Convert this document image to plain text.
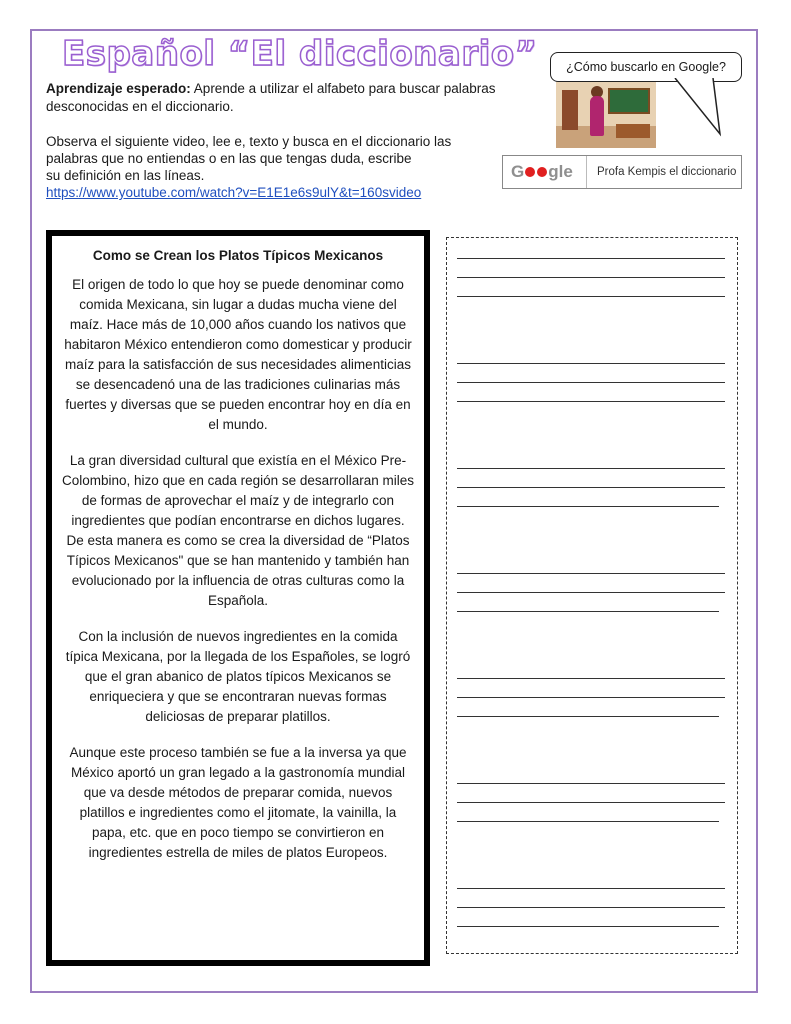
Español “El diccionario”
Aprendizaje esperado: Aprende a utilizar el alfabeto para buscar palabras desconocidas en el diccionario.
Observa el siguiente video, lee e, texto y busca en el diccionario las palabras que no entiendas o en las que tengas duda, escribe
su definición en las líneas.
https://www.youtube.com/watch?v=E1E1e6s9ulY&t=160svideo
¿Cómo buscarlo en Google?
G gle	Profa Kempis el diccionario
Como se Crean los Platos Típicos Mexicanos

El origen de todo lo que hoy se puede denominar como comida Mexicana, sin lugar a dudas mucha viene del maíz. Hace más de 10,000 años cuando los nativos que habitaron México entendieron como domesticar y producir maíz para la satisfacción de sus necesidades alimenticias se desencadenó una de las tradiciones culinarias más fuertes y diversas que se pueden encontrar hoy en día en el mundo.

La gran diversidad cultural que existía en el México Pre-Colombino, hizo que en cada región se desarrollaran miles de formas de aprovechar el maíz y de integrarlo con ingredientes que podían encontrarse en dichos lugares. De esta manera es como se crea la diversidad de “Platos Típicos Mexicanos" que se han mantenido y también han evolucionado por la influencia de otras culturas como la Española.

Con la inclusión de nuevos ingredientes en la comida típica Mexicana, por la llegada de los Españoles, se logró que el gran abanico de platos típicos Mexicanos se enriqueciera y que se encontraran nuevas formas deliciosas de preparar platillos.

Aunque este proceso también se fue a la inversa ya que México aportó un gran legado a la gastronomía mundial que va desde métodos de preparar comida, nuevos platillos e ingredientes como el jitomate, la vainilla, la papa, etc. que en poco tiempo se convirtieron en ingredientes estrella de miles de platos Europeos.
